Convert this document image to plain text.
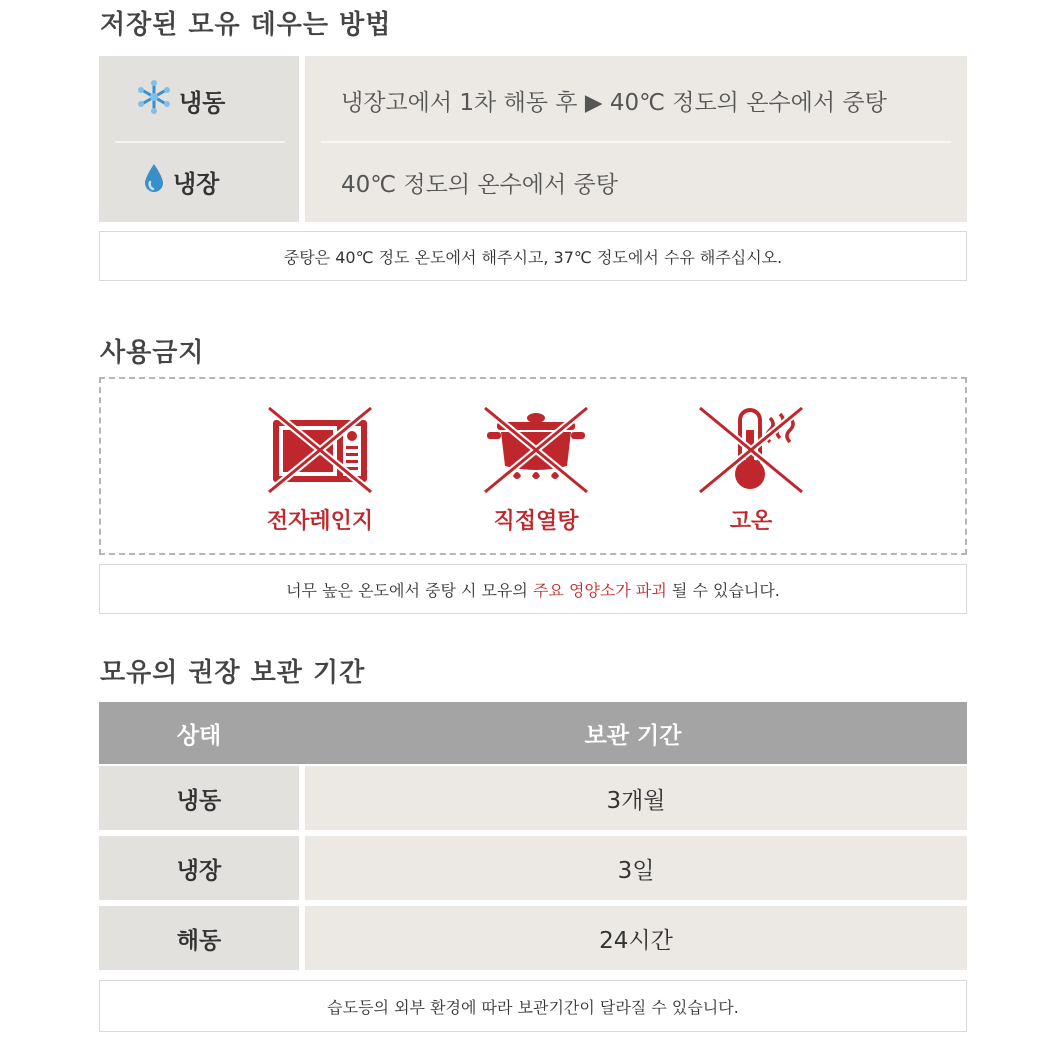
저장된 모유 데우는 방법
냉동	냉장고에서 1차 해동 후 ▶ 40℃ 정도의 온수에서 중탕
냉장	40℃ 정도의 온수에서 중탕
중탕은 40℃ 정도 온도에서 해주시고, 37℃ 정도에서 수유 해주십시오.
사용금지
전자레인지	직접열탕	고온
너무 높은 온도에서 중탕 시 모유의 주요 영양소가 파괴 될 수 있습니다.
모유의 권장 보관 기간
상태	보관 기간
냉동	3개월
냉장	3일
해동	24시간
습도등의 외부 환경에 따라 보관기간이 달라질 수 있습니다.
